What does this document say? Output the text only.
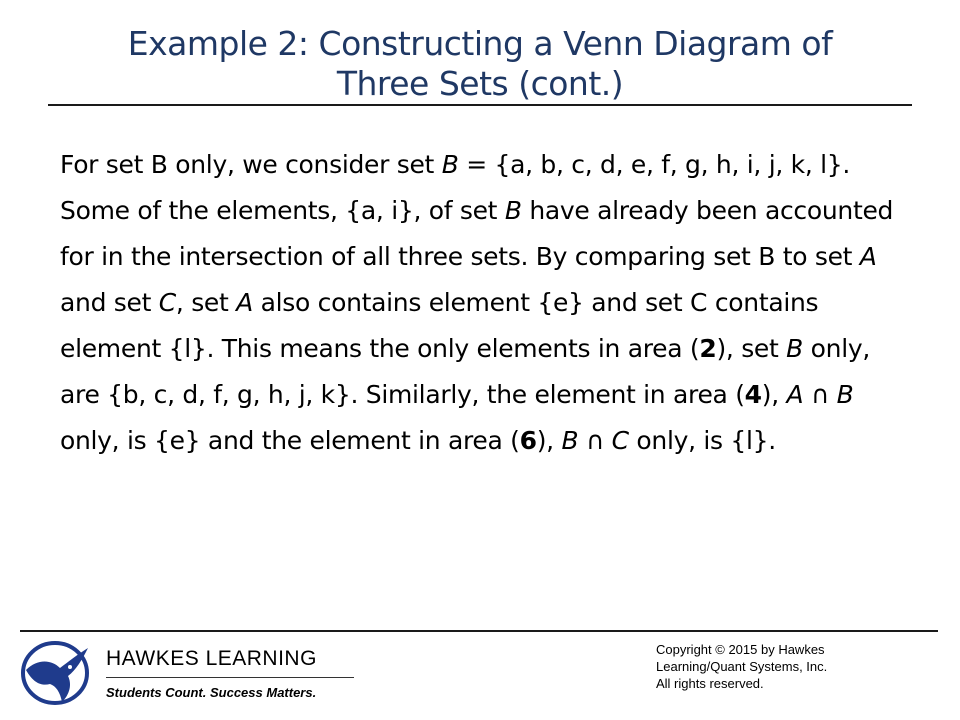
Example 2: Constructing a Venn Diagram of
Three Sets (cont.)
For set B only, we consider set B = {a, b, c, d, e, f, g, h, i, j, k, l}. Some of the elements, {a, i}, of set B have already been accounted for in the intersection of all three sets. By comparing set B to set A and set C, set A also contains element {e} and set C contains element {l}. This means the only elements in area (2), set B only, are {b, c, d, f, g, h, j, k}. Similarly, the element in area (4), A ∩ B only, is {e} and the element in area (6), B ∩ C only, is {l}.
HAWKES LEARNING
Students Count. Success Matters.
Copyright © 2015 by Hawkes
Learning/Quant Systems, Inc.
All rights reserved.
